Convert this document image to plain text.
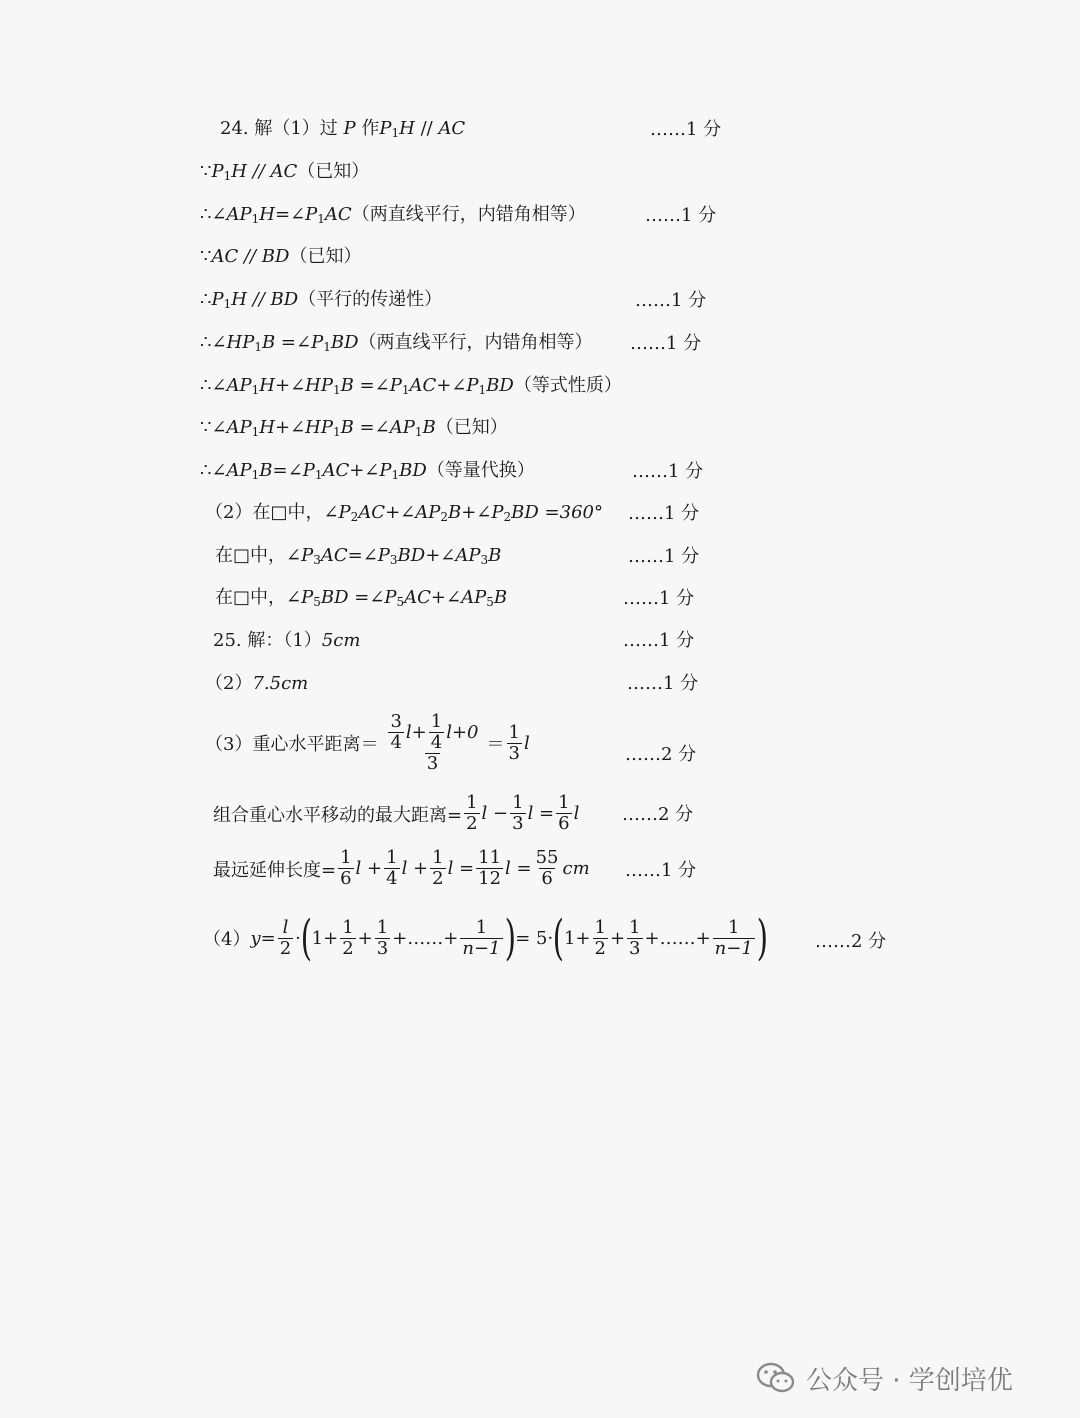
24. 解（1）过 P 作$P_1H$ // AC	……1 分
$\because P_1H // AC$（已知）
$\therefore\angle AP_1H=\angle P_1AC$（两直线平行，内错角相等）	……1 分
∵AC // BD（已知）
$\therefore P_1H // BD$（平行的传递性）	……1 分
$\therefore\angle HP_1B$ $=\angle P_1BD$（两直线平行，内错角相等） ……1 分
$\therefore\angle AP_1H+\angle HP_1B$ $=\angle P_1AC+\angle P_1BD$（等式性质）
$\because\angle AP_1H+\angle HP_1B$ $=\angle AP_1B$（已知）
$\therefore\angle AP_1B=\angle P_1AC+\angle P_1BD$（等量代换）	……1 分
（2）在□中，$\angle P_2AC+\angle AP_2B+\angle P_2BD =360^\circ$ ……1 分
在□中，$\angle P_3AC=\angle P_3BD+\angle AP_3B$	……1 分
在□中，$\angle P_5BD$ $=\angle P_5AC+\angle AP_5B$	……1 分
25. 解：（1）5cm	……1 分
（2）7.5cm	……1 分
（3）重心水平距离＝ $\frac{\frac{3}{4} l + \frac{1}{4} l+0}{3} = \frac{1}{3}$ l
……2 分
组合重心水平移动的最大距离= $\frac{1}{2}$ $l - \frac{1}{3}$ $l = \frac{1}{6}$ l ……2 分
最远延伸长度= $\frac{1}{6}$ $l + \frac{1}{4}$ $l + \frac{1}{2}$ $l = \frac{11}{12}$ $l = \frac{55}{6}$ cm ……1 分
（4） $y = \frac{l}{2}$ · ( $1+ \frac{1}{2} + \frac{1}{3}$ +……+ $\frac{1}{n-1}$ ) = 5· ( $1+ \frac{1}{2} + \frac{1}{3}$ +……+ $\frac{1}{n-1}$ )	……2 分
公众号 · 学创培优
